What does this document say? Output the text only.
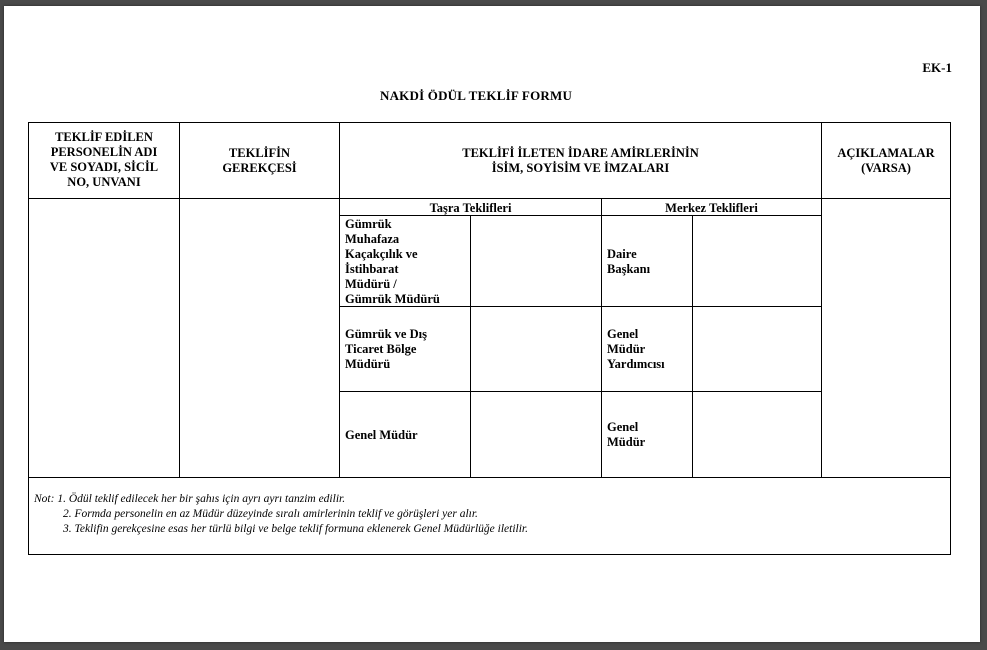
EK-1
NAKDİ ÖDÜL TEKLİF FORMU
TEKLİF EDİLEN
PERSONELİN ADI
VE SOYADI, SİCİL
NO, UNVANI
TEKLİFİN
GEREKÇESİ
TEKLİFİ İLETEN İDARE AMİRLERİNİN
İSİM, SOYİSİM VE İMZALARI
AÇIKLAMALAR
(VARSA)
Taşra Teklifleri	Merkez Teklifleri
Gümrük
Muhafaza
Kaçakçılık ve
İstihbarat
Müdürü /
Gümrük Müdürü
Gümrük ve Dış
Ticaret Bölge
Müdürü
Genel Müdür
Daire
Başkanı
Genel
Müdür
Yardımcısı
Genel
Müdür
Not: 1. Ödül teklif edilecek her bir şahıs için ayrı ayrı tanzim edilir.
2. Formda personelin en az Müdür düzeyinde sıralı amirlerinin teklif ve görüşleri yer alır.
3. Teklifin gerekçesine esas her türlü bilgi ve belge teklif formuna eklenerek Genel Müdürlüğe iletilir.
